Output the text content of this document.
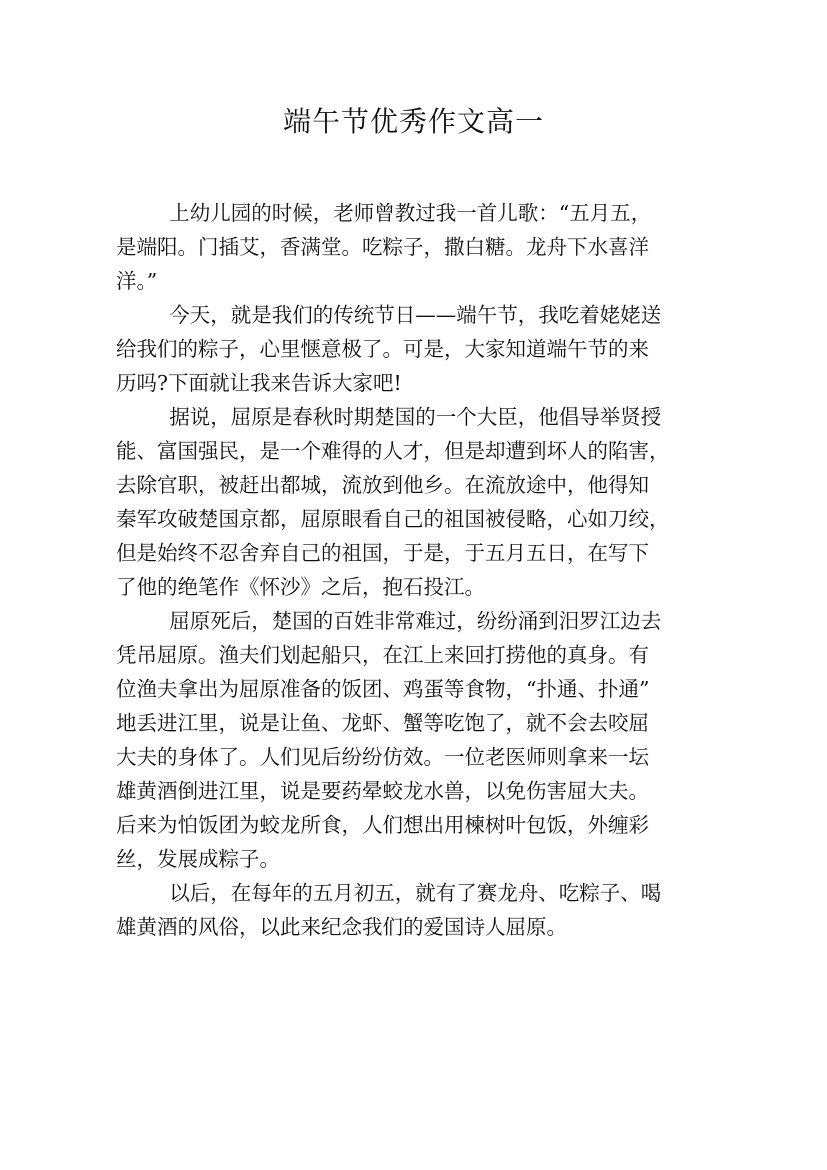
端午节优秀作文高一

上幼儿园的时候，老师曾教过我一首儿歌：“五月五，
是端阳。门插艾，香满堂。吃粽子，撒白糖。龙舟下水喜洋
洋。”

今天，就是我们的传统节日——端午节，我吃着姥姥送
给我们的粽子，心里惬意极了。可是，大家知道端午节的来
历吗?下面就让我来告诉大家吧!

据说，屈原是春秋时期楚国的一个大臣，他倡导举贤授
能、富国强民，是一个难得的人才，但是却遭到坏人的陷害，
去除官职，被赶出都城，流放到他乡。在流放途中，他得知
秦军攻破楚国京都，屈原眼看自己的祖国被侵略，心如刀绞，
但是始终不忍舍弃自己的祖国，于是，于五月五日，在写下
了他的绝笔作《怀沙》之后，抱石投江。

屈原死后，楚国的百姓非常难过，纷纷涌到汨罗江边去
凭吊屈原。渔夫们划起船只，在江上来回打捞他的真身。有
位渔夫拿出为屈原准备的饭团、鸡蛋等食物，“扑通、扑通”
地丢进江里，说是让鱼、龙虾、蟹等吃饱了，就不会去咬屈
大夫的身体了。人们见后纷纷仿效。一位老医师则拿来一坛
雄黄酒倒进江里，说是要药晕蛟龙水兽，以免伤害屈大夫。
后来为怕饭团为蛟龙所食，人们想出用楝树叶包饭，外缠彩
丝，发展成粽子。

以后，在每年的五月初五，就有了赛龙舟、吃粽子、喝
雄黄酒的风俗，以此来纪念我们的爱国诗人屈原。
